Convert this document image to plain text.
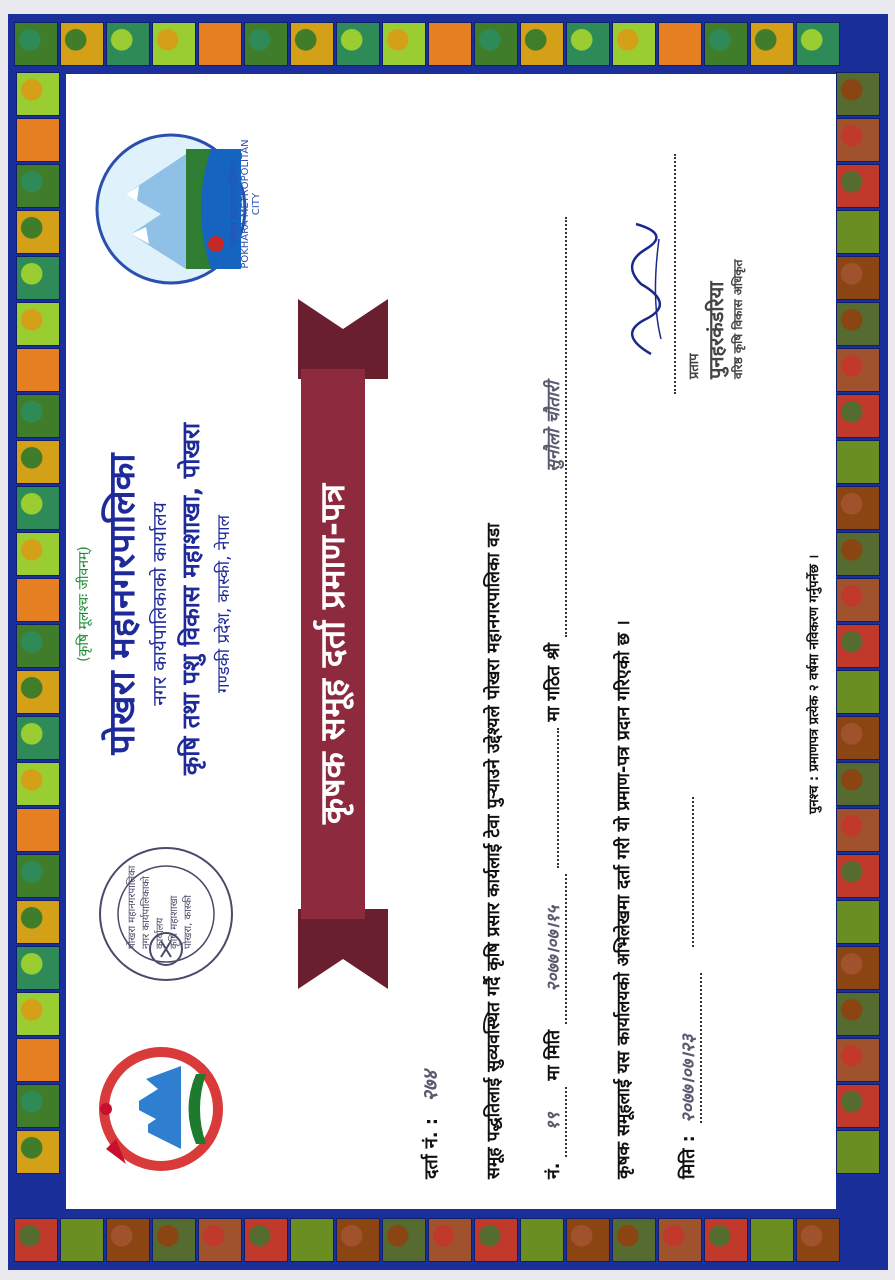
पोखरा महानगरपालिका नगर कार्यपालिकाको कार्यालय कृषि महाशाखा पोखरा, कास्की
(कृषि मूलश्चः जीवनम्) पोखरा महानगरपालिका नगर कार्यपालिकाको कार्यालय कृषि तथा पशु विकास महाशाखा, पोखरा गण्डकी प्रदेश, कास्की, नेपाल
पोखरा महानगरपालिका POKHARA METROPOLITAN CITY
कृषक समूह दर्ता प्रमाण-पत्र
दर्ता नं. : २७४ समूह पद्धतिलाई सुव्यवस्थित गर्दै कृषि प्रसार कार्यलाई टेवा पुऱ्याउने उद्देश्यले पोखरा महानगरपालिका वडा नं. १९ मा मिति २०७७।०७।१५  मा गठित श्री सुनौलो चौतारी
कृषक समूहलाई यस कार्यालयको अभिलेखमा दर्ता गरी यो प्रमाण-पत्र प्रदान गरिएको छ । मिति : २०७७।०७।२३
प्रताप पुनहरकंडरिया वरिष्ठ कृषि विकास अधिकृत
पुनश्च : प्रमाणपत्र प्रत्येक २ वर्षमा नविकरण गर्नुपर्नेछ ।
